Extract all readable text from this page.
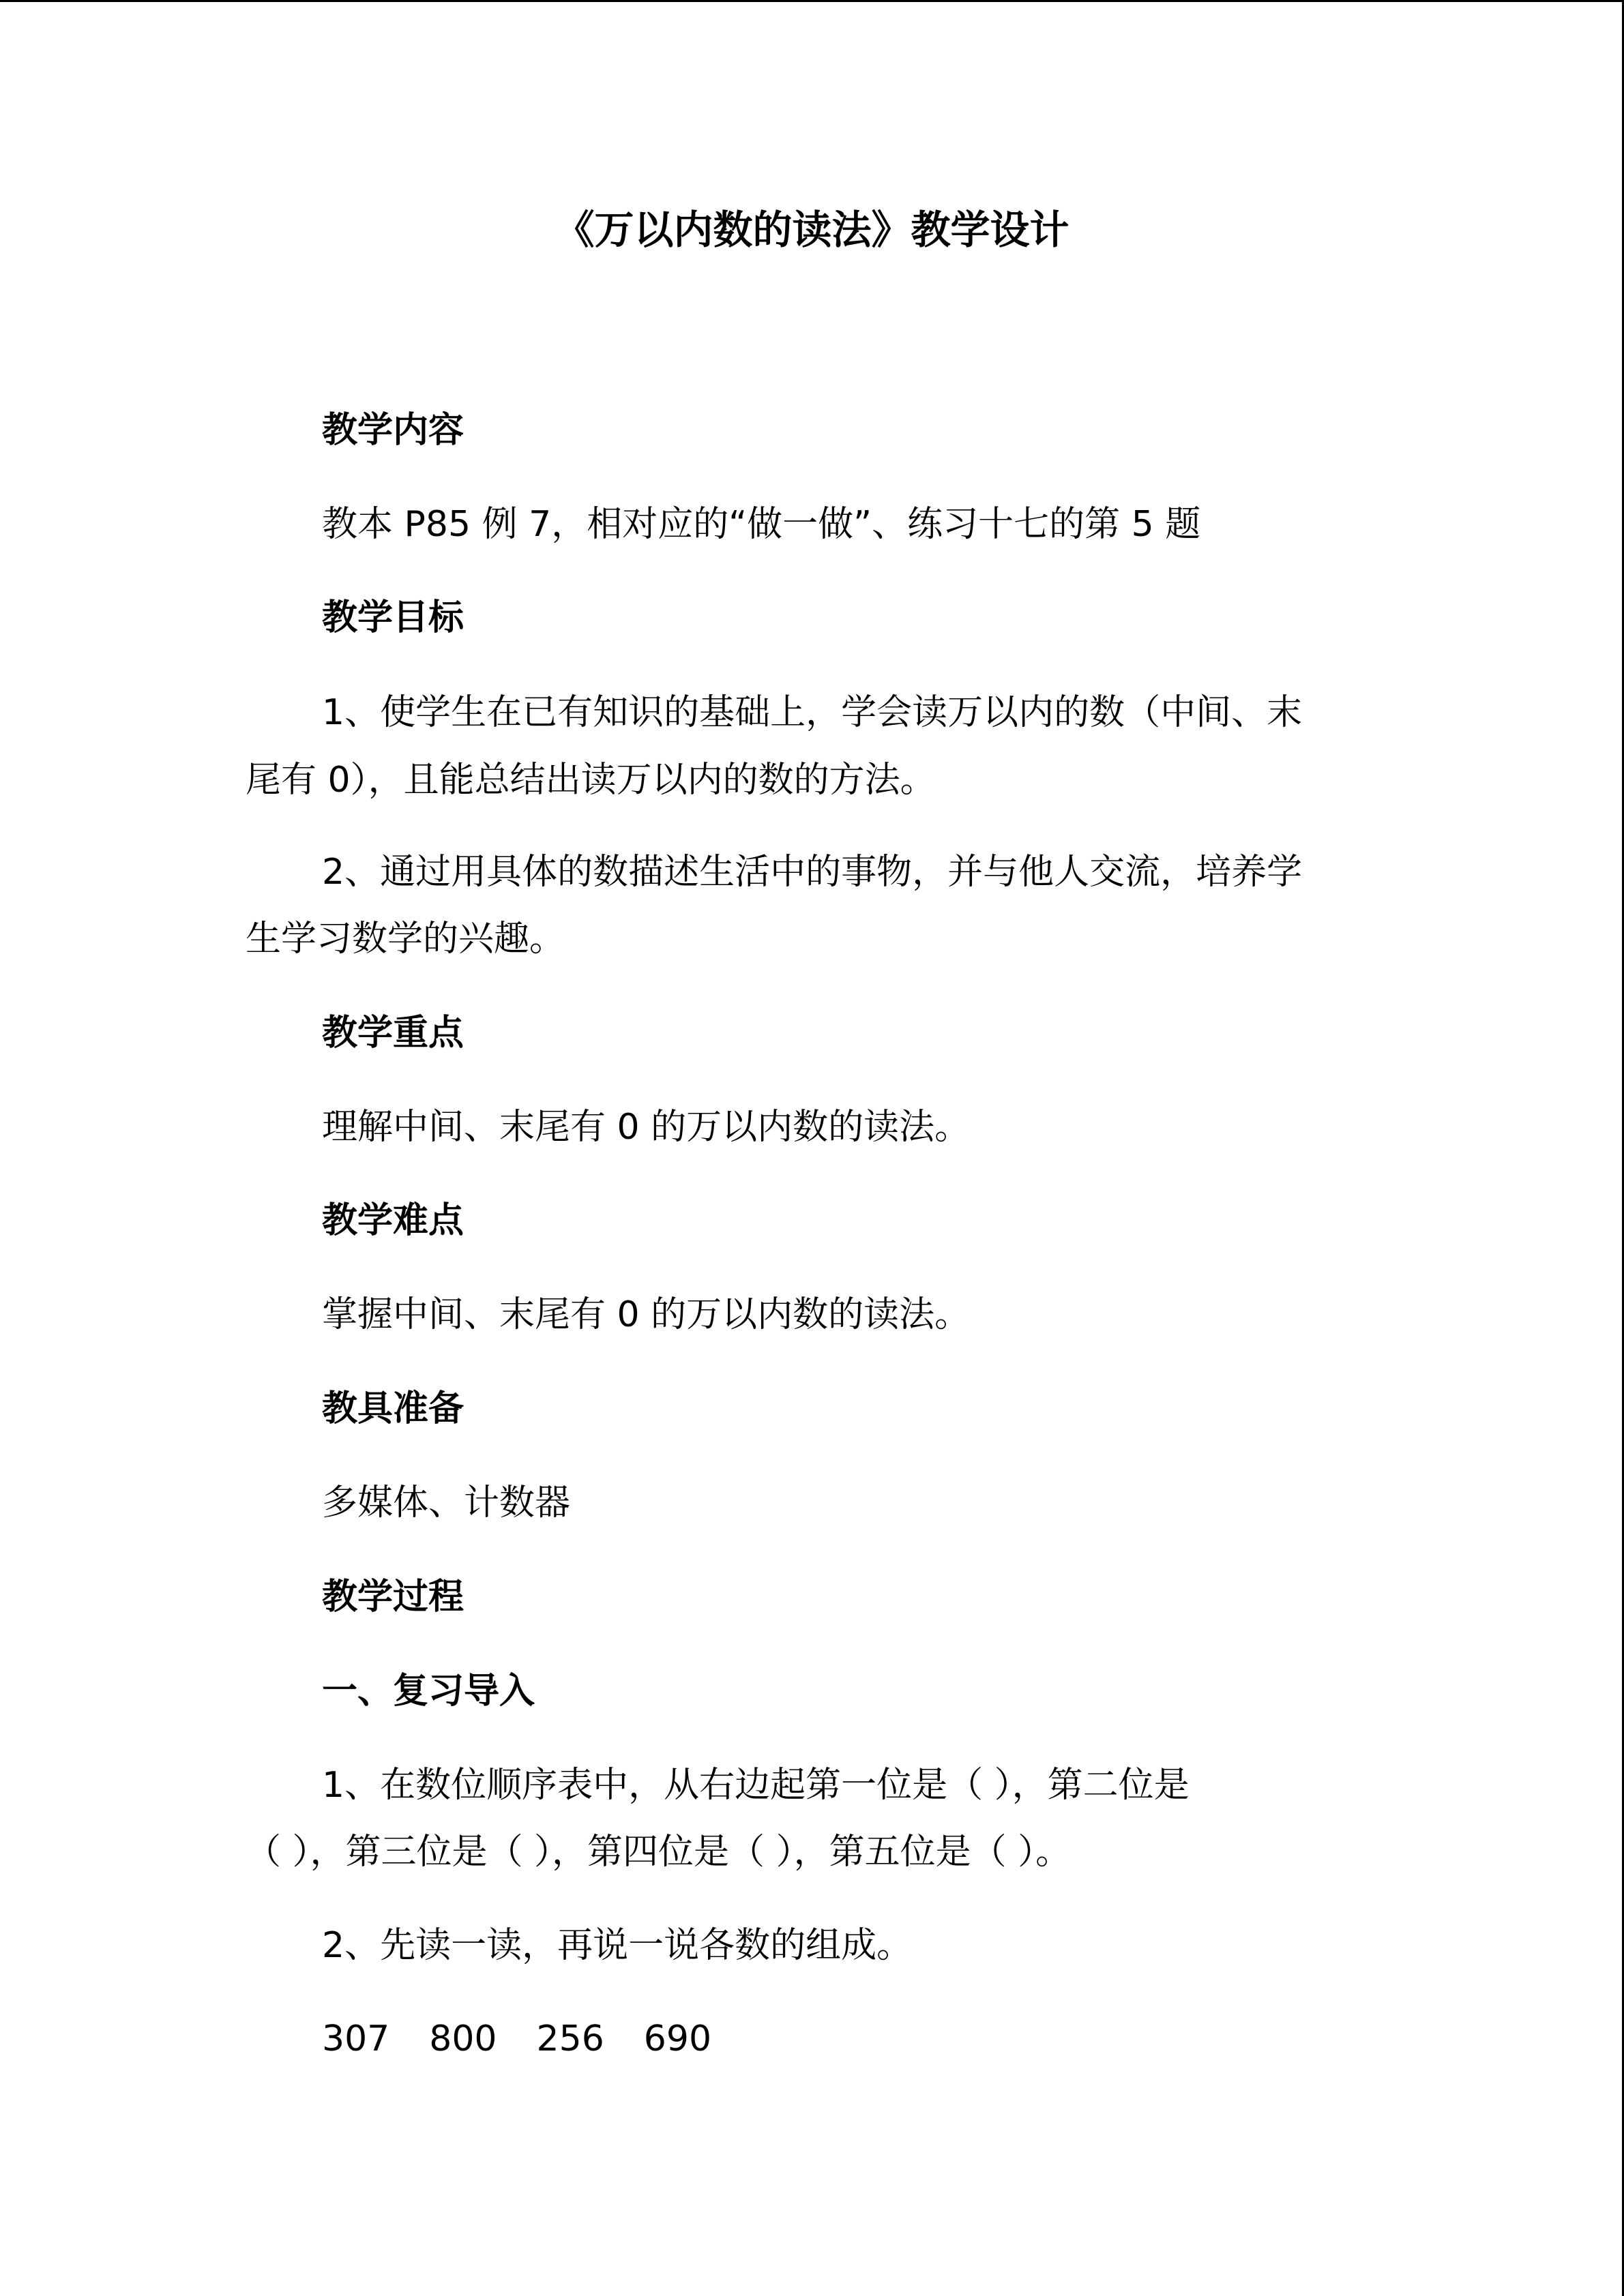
《万以内数的读法》教学设计
教学内容
教本 P85 例 7，相对应的“做一做”、练习十七的第 5 题
教学目标
1、使学生在已有知识的基础上，学会读万以内的数（中间、末
尾有 0），且能总结出读万以内的数的方法。
2、通过用具体的数描述生活中的事物，并与他人交流，培养学
生学习数学的兴趣。
教学重点
理解中间、末尾有 0 的万以内数的读法。
教学难点
掌握中间、末尾有 0 的万以内数的读法。
教具准备
多媒体、计数器
教学过程
一、复习导入
1、在数位顺序表中，从右边起第一位是（ ），第二位是
（ ），第三位是（ ），第四位是（ ），第五位是（ ）。
2、先读一读，再说一说各数的组成。
307 800 256 690
